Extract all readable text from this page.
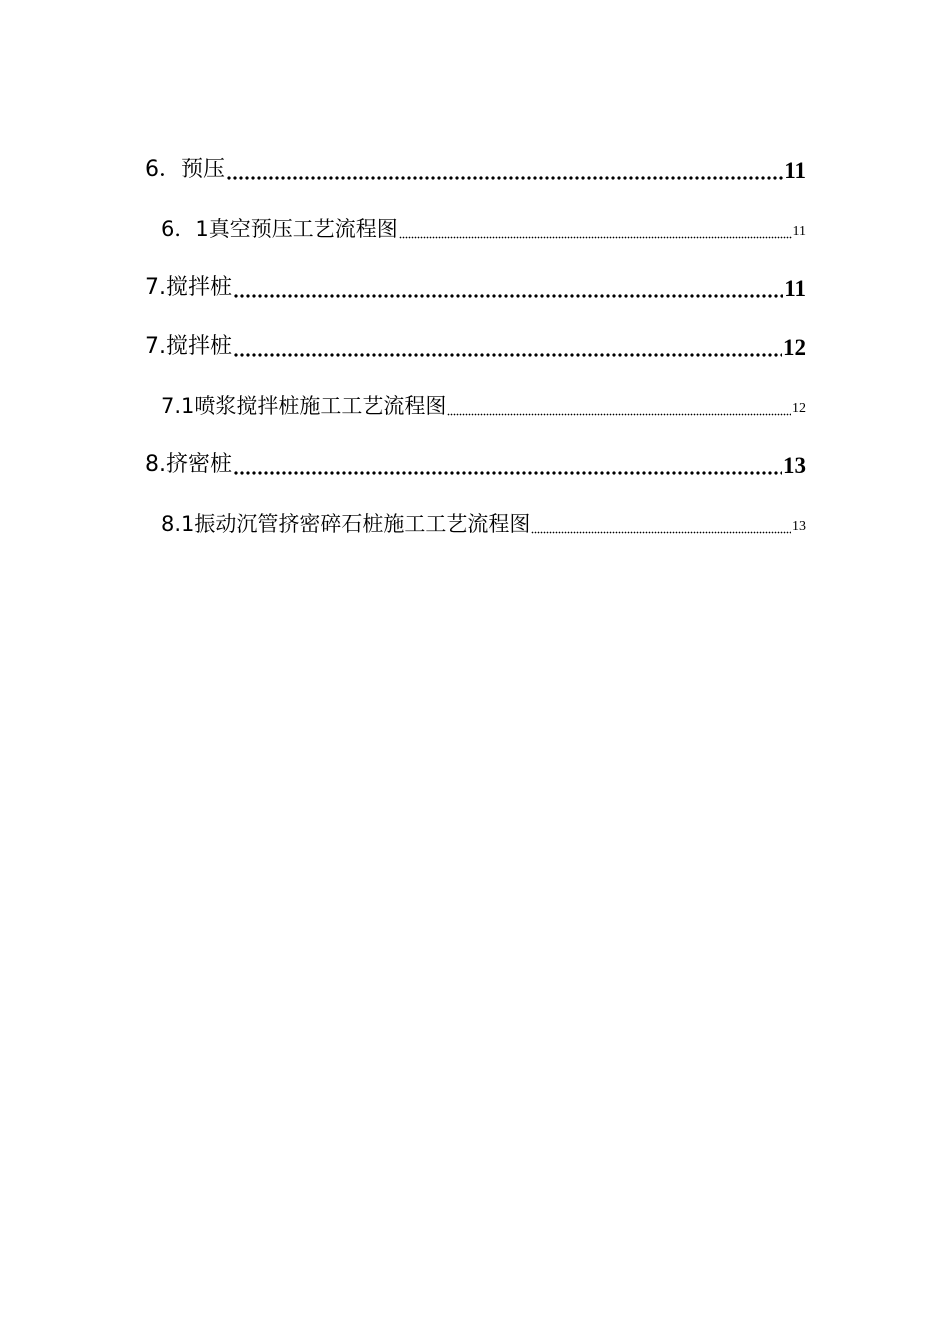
6．预压	11
6．1真空预压工艺流程图	11
7.搅拌桩	11
7.搅拌桩	12
7.1喷浆搅拌桩施工工艺流程图	12
8.挤密桩	13
8.1振动沉管挤密碎石桩施工工艺流程图	13
